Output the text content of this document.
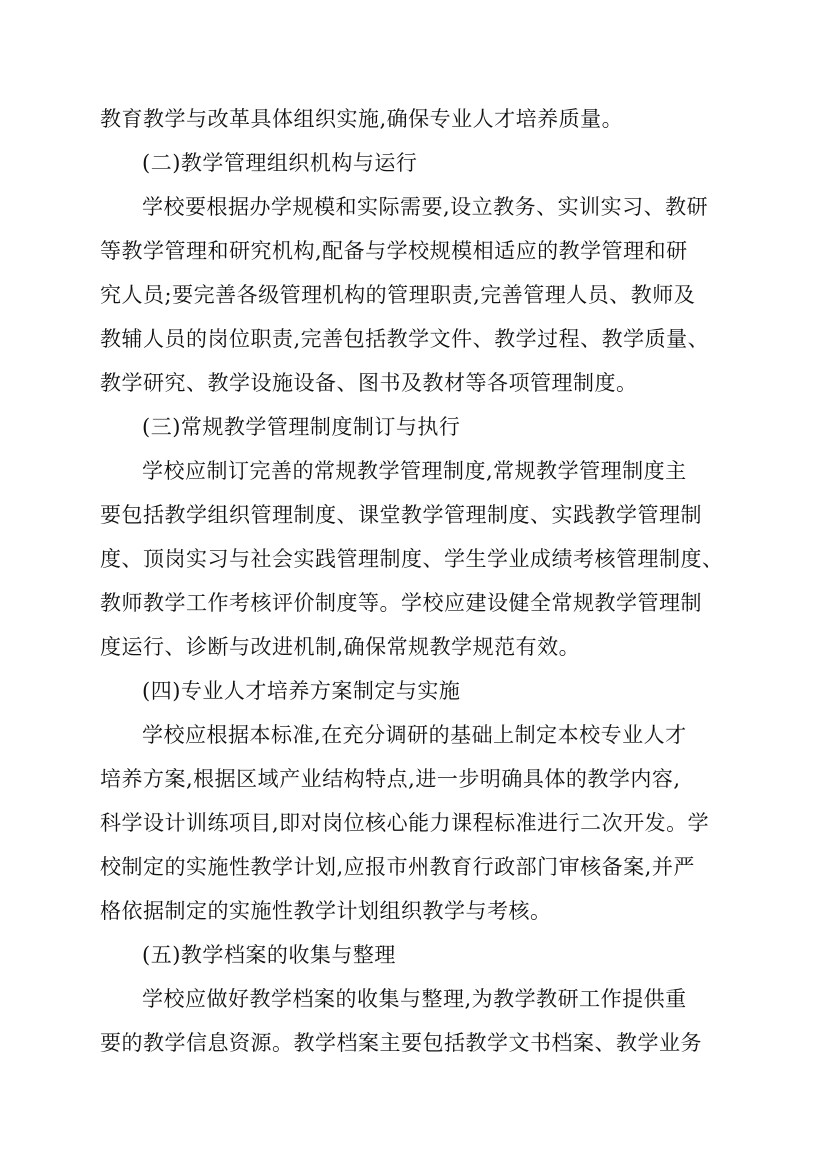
教育教学与改革具体组织实施,确保专业人才培养质量。
(二)教学管理组织机构与运行
学校要根据办学规模和实际需要,设立教务、实训实习、教研
等教学管理和研究机构,配备与学校规模相适应的教学管理和研
究人员;要完善各级管理机构的管理职责,完善管理人员、教师及
教辅人员的岗位职责,完善包括教学文件、教学过程、教学质量、
教学研究、教学设施设备、图书及教材等各项管理制度。
(三)常规教学管理制度制订与执行
学校应制订完善的常规教学管理制度,常规教学管理制度主
要包括教学组织管理制度、课堂教学管理制度、实践教学管理制
度、顶岗实习与社会实践管理制度、学生学业成绩考核管理制度、
教师教学工作考核评价制度等。学校应建设健全常规教学管理制
度运行、诊断与改进机制,确保常规教学规范有效。
(四)专业人才培养方案制定与实施
学校应根据本标准,在充分调研的基础上制定本校专业人才
培养方案,根据区域产业结构特点,进一步明确具体的教学内容,
科学设计训练项目,即对岗位核心能力课程标准进行二次开发。学
校制定的实施性教学计划,应报市州教育行政部门审核备案,并严
格依据制定的实施性教学计划组织教学与考核。
(五)教学档案的收集与整理
学校应做好教学档案的收集与整理,为教学教研工作提供重
要的教学信息资源。教学档案主要包括教学文书档案、教学业务
